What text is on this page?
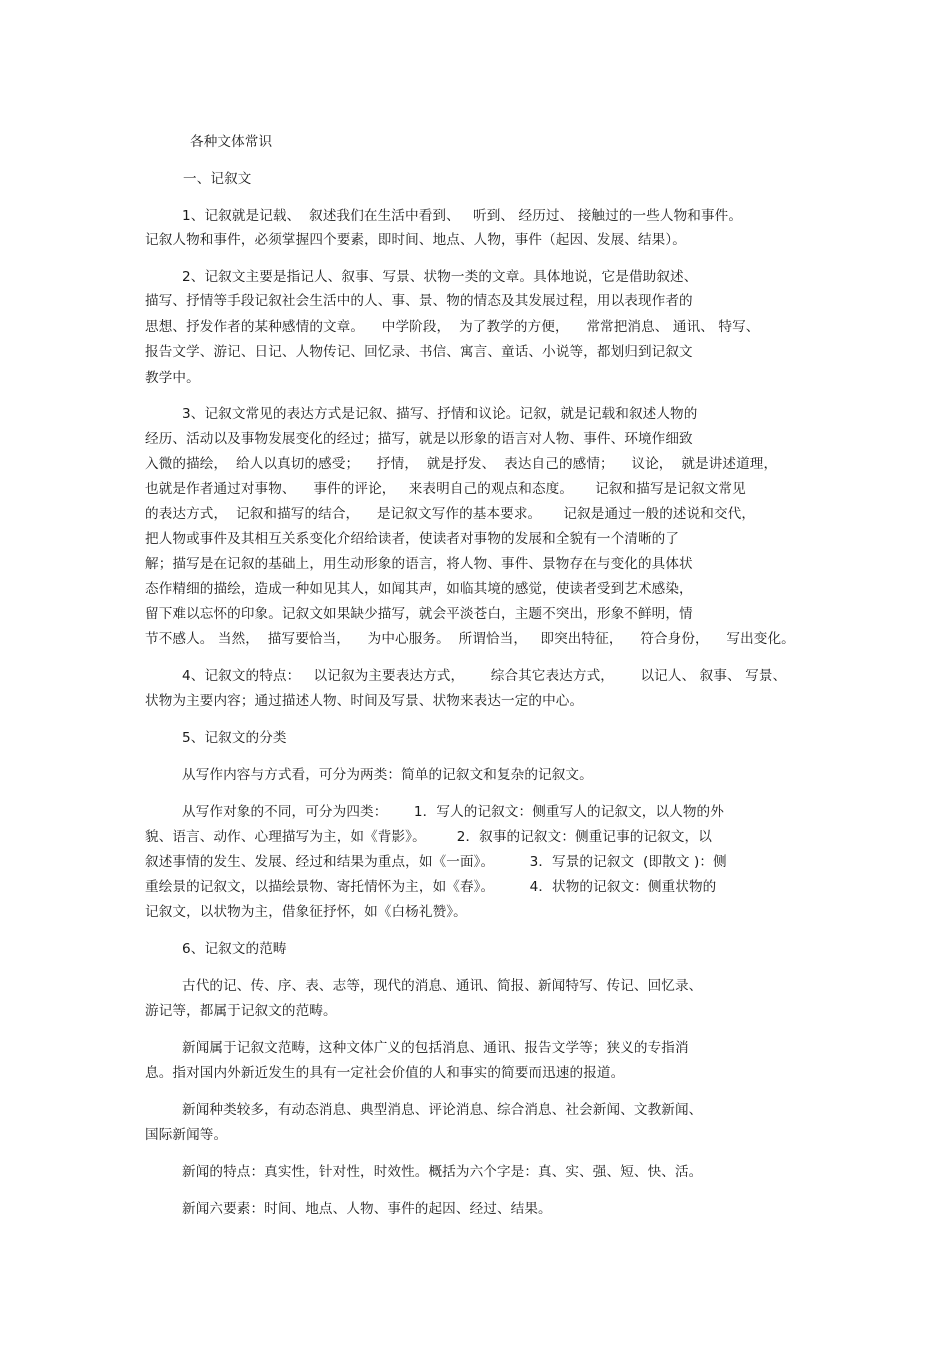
各种文体常识
一、记叙文
1、记叙就是记载、  叙述我们在生活中看到、   听到、 经历过、 接触过的一些人物和事件。
记叙人物和事件，必须掌握四个要素，即时间、地点、人物，事件（起因、发展、结果）。
2、记叙文主要是指记人、叙事、写景、状物一类的文章。具体地说，它是借助叙述、
描写、抒情等手段记叙社会生活中的人、事、景、物的情态及其发展过程，用以表现作者的
思想、抒发作者的某种感情的文章。    中学阶段，  为了教学的方便，    常常把消息、 通讯、 特写、
报告文学、游记、日记、人物传记、回忆录、书信、寓言、童话、小说等，都划归到记叙文
教学中。
3、记叙文常见的表达方式是记叙、描写、抒情和议论。记叙，就是记载和叙述人物的
经历、活动以及事物发展变化的经过；描写，就是以形象的语言对人物、事件、环境作细致
入微的描绘，  给人以真切的感受；    抒情，  就是抒发、  表达自己的感情；    议论，  就是讲述道理，
也就是作者通过对事物、    事件的评论，   来表明自己的观点和态度。     记叙和描写是记叙文常见
的表达方式，  记叙和描写的结合，    是记叙文写作的基本要求。     记叙是通过一般的述说和交代，
把人物或事件及其相互关系变化介绍给读者，使读者对事物的发展和全貌有一个清晰的了
解；描写是在记叙的基础上，用生动形象的语言，将人物、事件、景物存在与变化的具体状
态作精细的描绘，造成一种如见其人，如闻其声，如临其境的感觉，使读者受到艺术感染，
留下难以忘怀的印象。记叙文如果缺少描写，就会平淡苍白，主题不突出，形象不鲜明，情
节不感人。 当然，  描写要恰当，    为中心服务。  所谓恰当，   即突出特征，    符合身份，    写出变化。
4、记叙文的特点：   以记叙为主要表达方式，      综合其它表达方式，      以记人、 叙事、 写景、
状物为主要内容；通过描述人物、时间及写景、状物来表达一定的中心。
5、记叙文的分类
从写作内容与方式看，可分为两类：简单的记叙文和复杂的记叙文。
从写作对象的不同，可分为四类：      1．写人的记叙文：侧重写人的记叙文，以人物的外
貌、语言、动作、心理描写为主，如《背影》。       2．叙事的记叙文：侧重记事的记叙文，以
叙述事情的发生、发展、经过和结果为重点，如《一面》。        3．写景的记叙文  (即散文 )：侧
重绘景的记叙文，以描绘景物、寄托情怀为主，如《春》。        4．状物的记叙文：侧重状物的
记叙文，以状物为主，借象征抒怀，如《白杨礼赞》。
6、记叙文的范畴
古代的记、传、序、表、志等，现代的消息、通讯、简报、新闻特写、传记、回忆录、
游记等，都属于记叙文的范畴。
新闻属于记叙文范畴，这种文体广义的包括消息、通讯、报告文学等；狭义的专指消
息。指对国内外新近发生的具有一定社会价值的人和事实的简要而迅速的报道。
新闻种类较多，有动态消息、典型消息、评论消息、综合消息、社会新闻、文教新闻、
国际新闻等。
新闻的特点：真实性，针对性，时效性。概括为六个字是：真、实、强、短、快、活。
新闻六要素：时间、地点、人物、事件的起因、经过、结果。
